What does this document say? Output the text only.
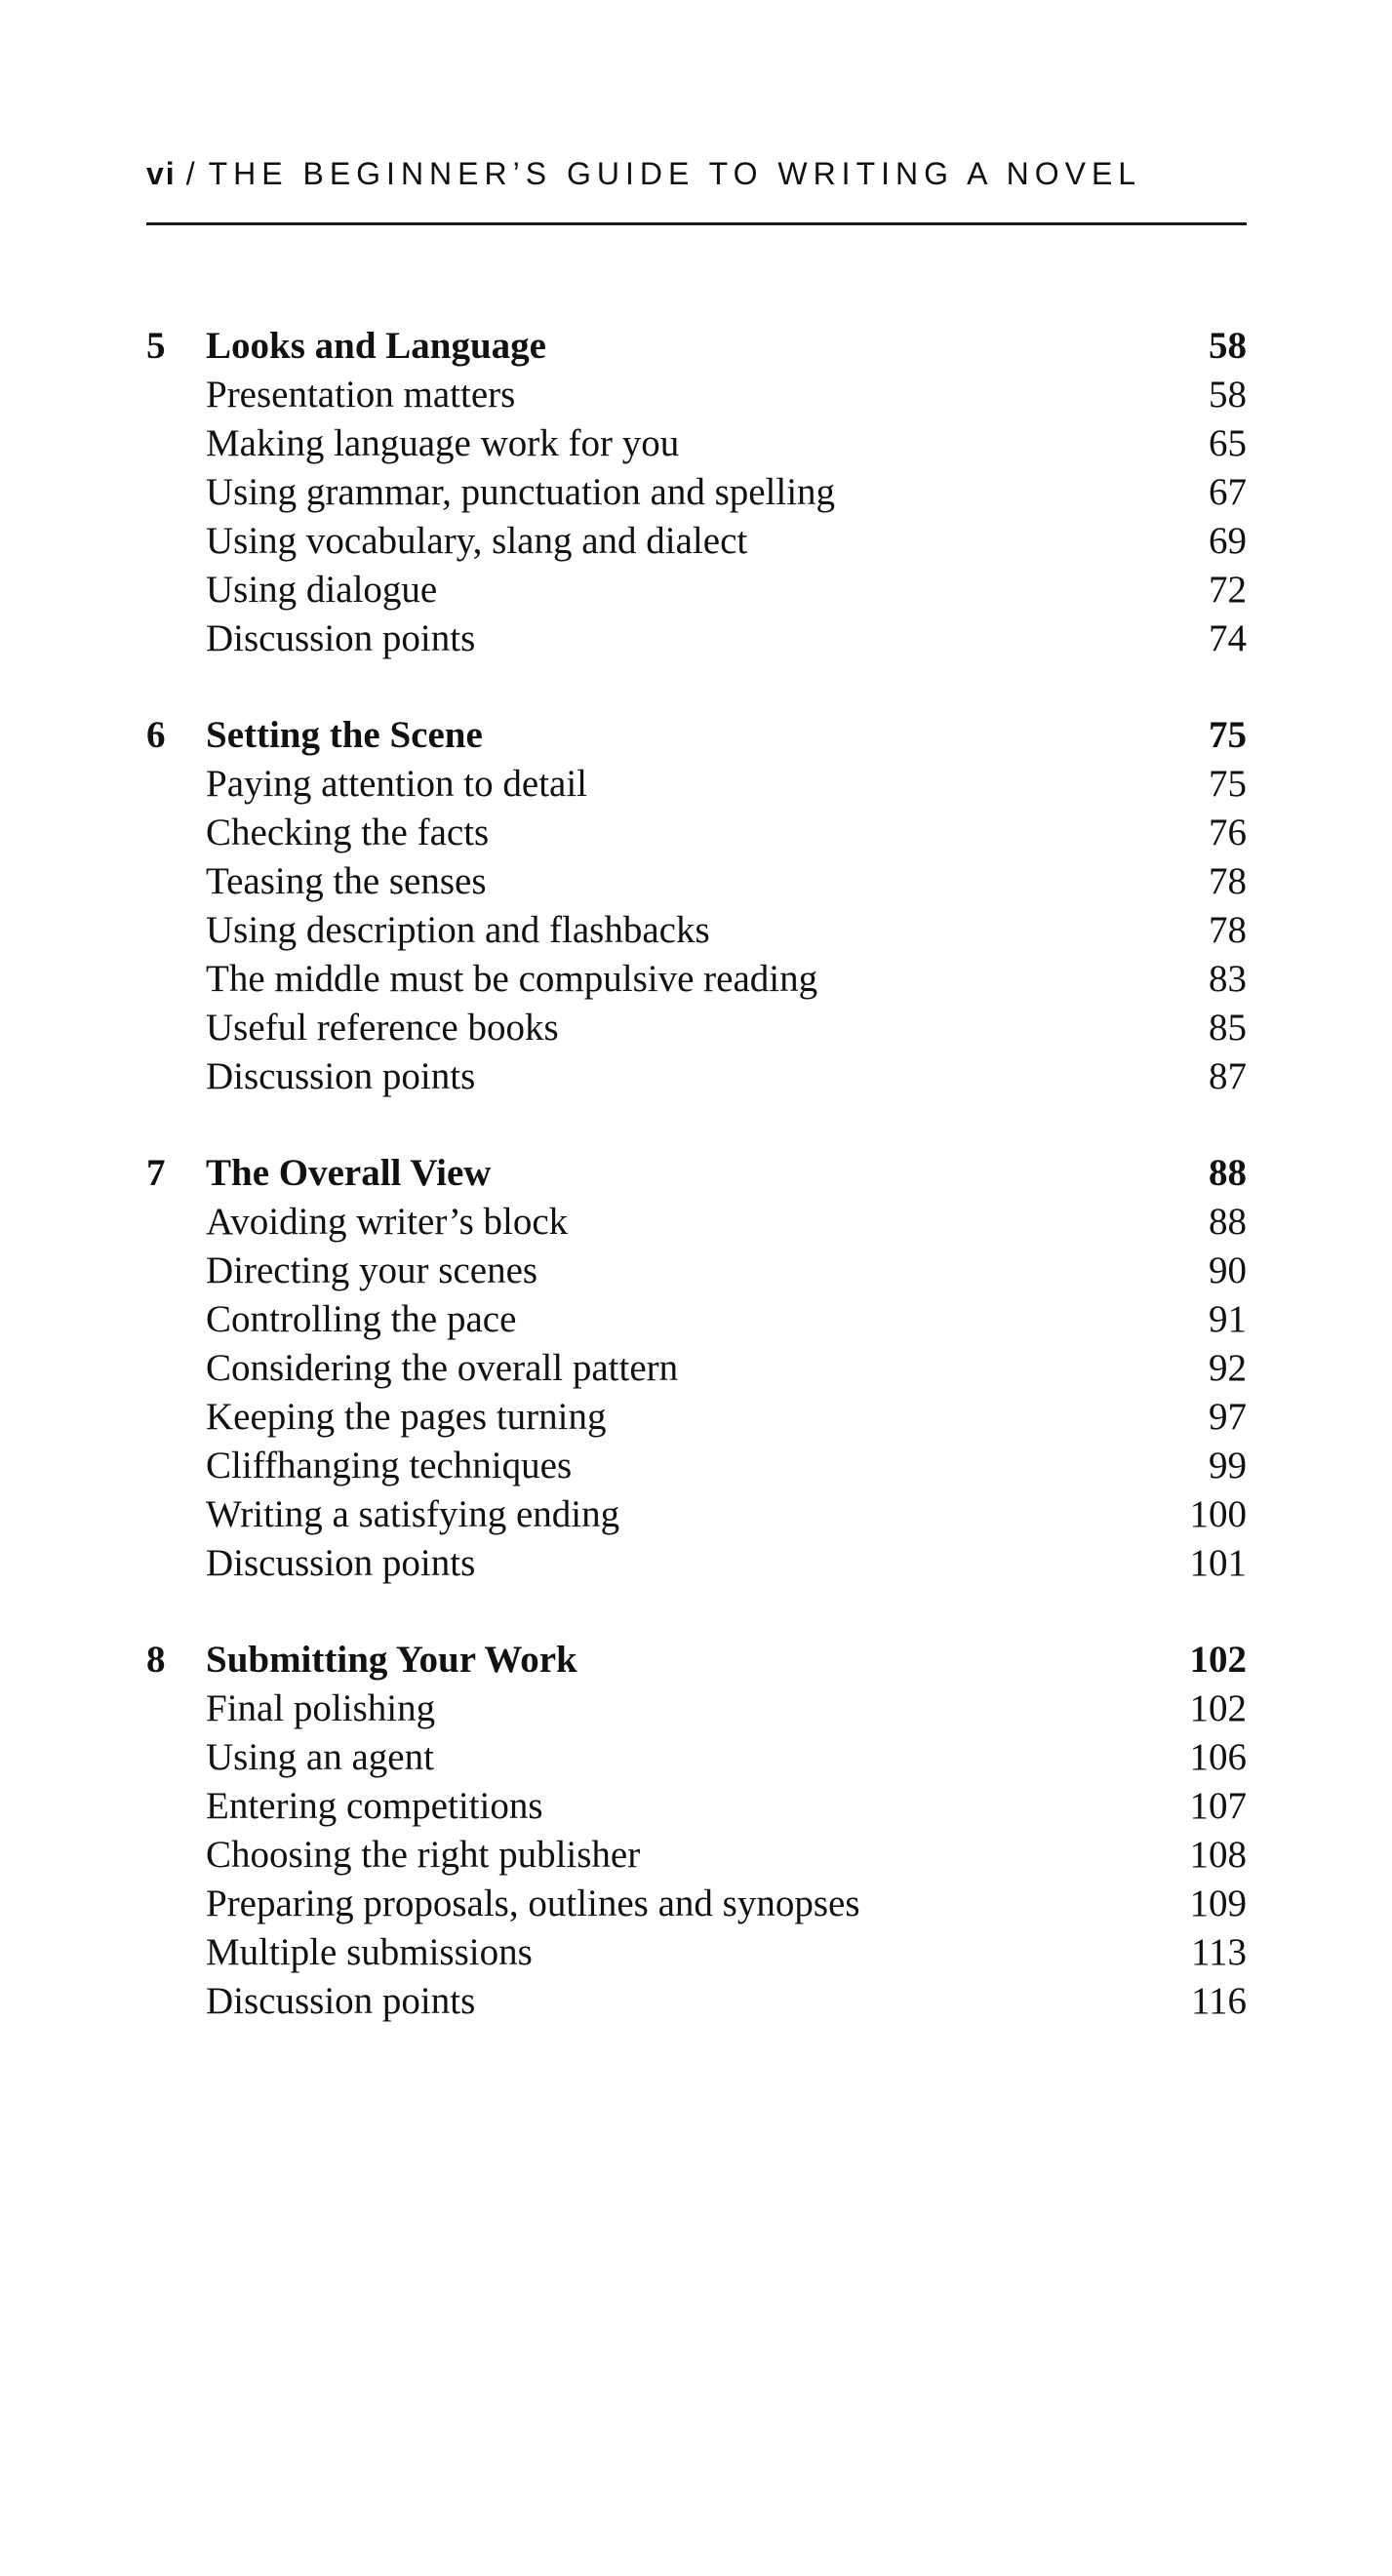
vi / THE BEGINNER’S GUIDE TO WRITING A NOVEL
5	Looks and Language	58
Presentation matters	58
Making language work for you	65
Using grammar, punctuation and spelling	67
Using vocabulary, slang and dialect	69
Using dialogue	72
Discussion points	74
6	Setting the Scene	75
Paying attention to detail	75
Checking the facts	76
Teasing the senses	78
Using description and flashbacks	78
The middle must be compulsive reading	83
Useful reference books	85
Discussion points	87
7	The Overall View	88
Avoiding writer’s block	88
Directing your scenes	90
Controlling the pace	91
Considering the overall pattern	92
Keeping the pages turning	97
Cliffhanging techniques	99
Writing a satisfying ending	100
Discussion points	101
8	Submitting Your Work	102
Final polishing	102
Using an agent	106
Entering competitions	107
Choosing the right publisher	108
Preparing proposals, outlines and synopses	109
Multiple submissions	113
Discussion points	116
